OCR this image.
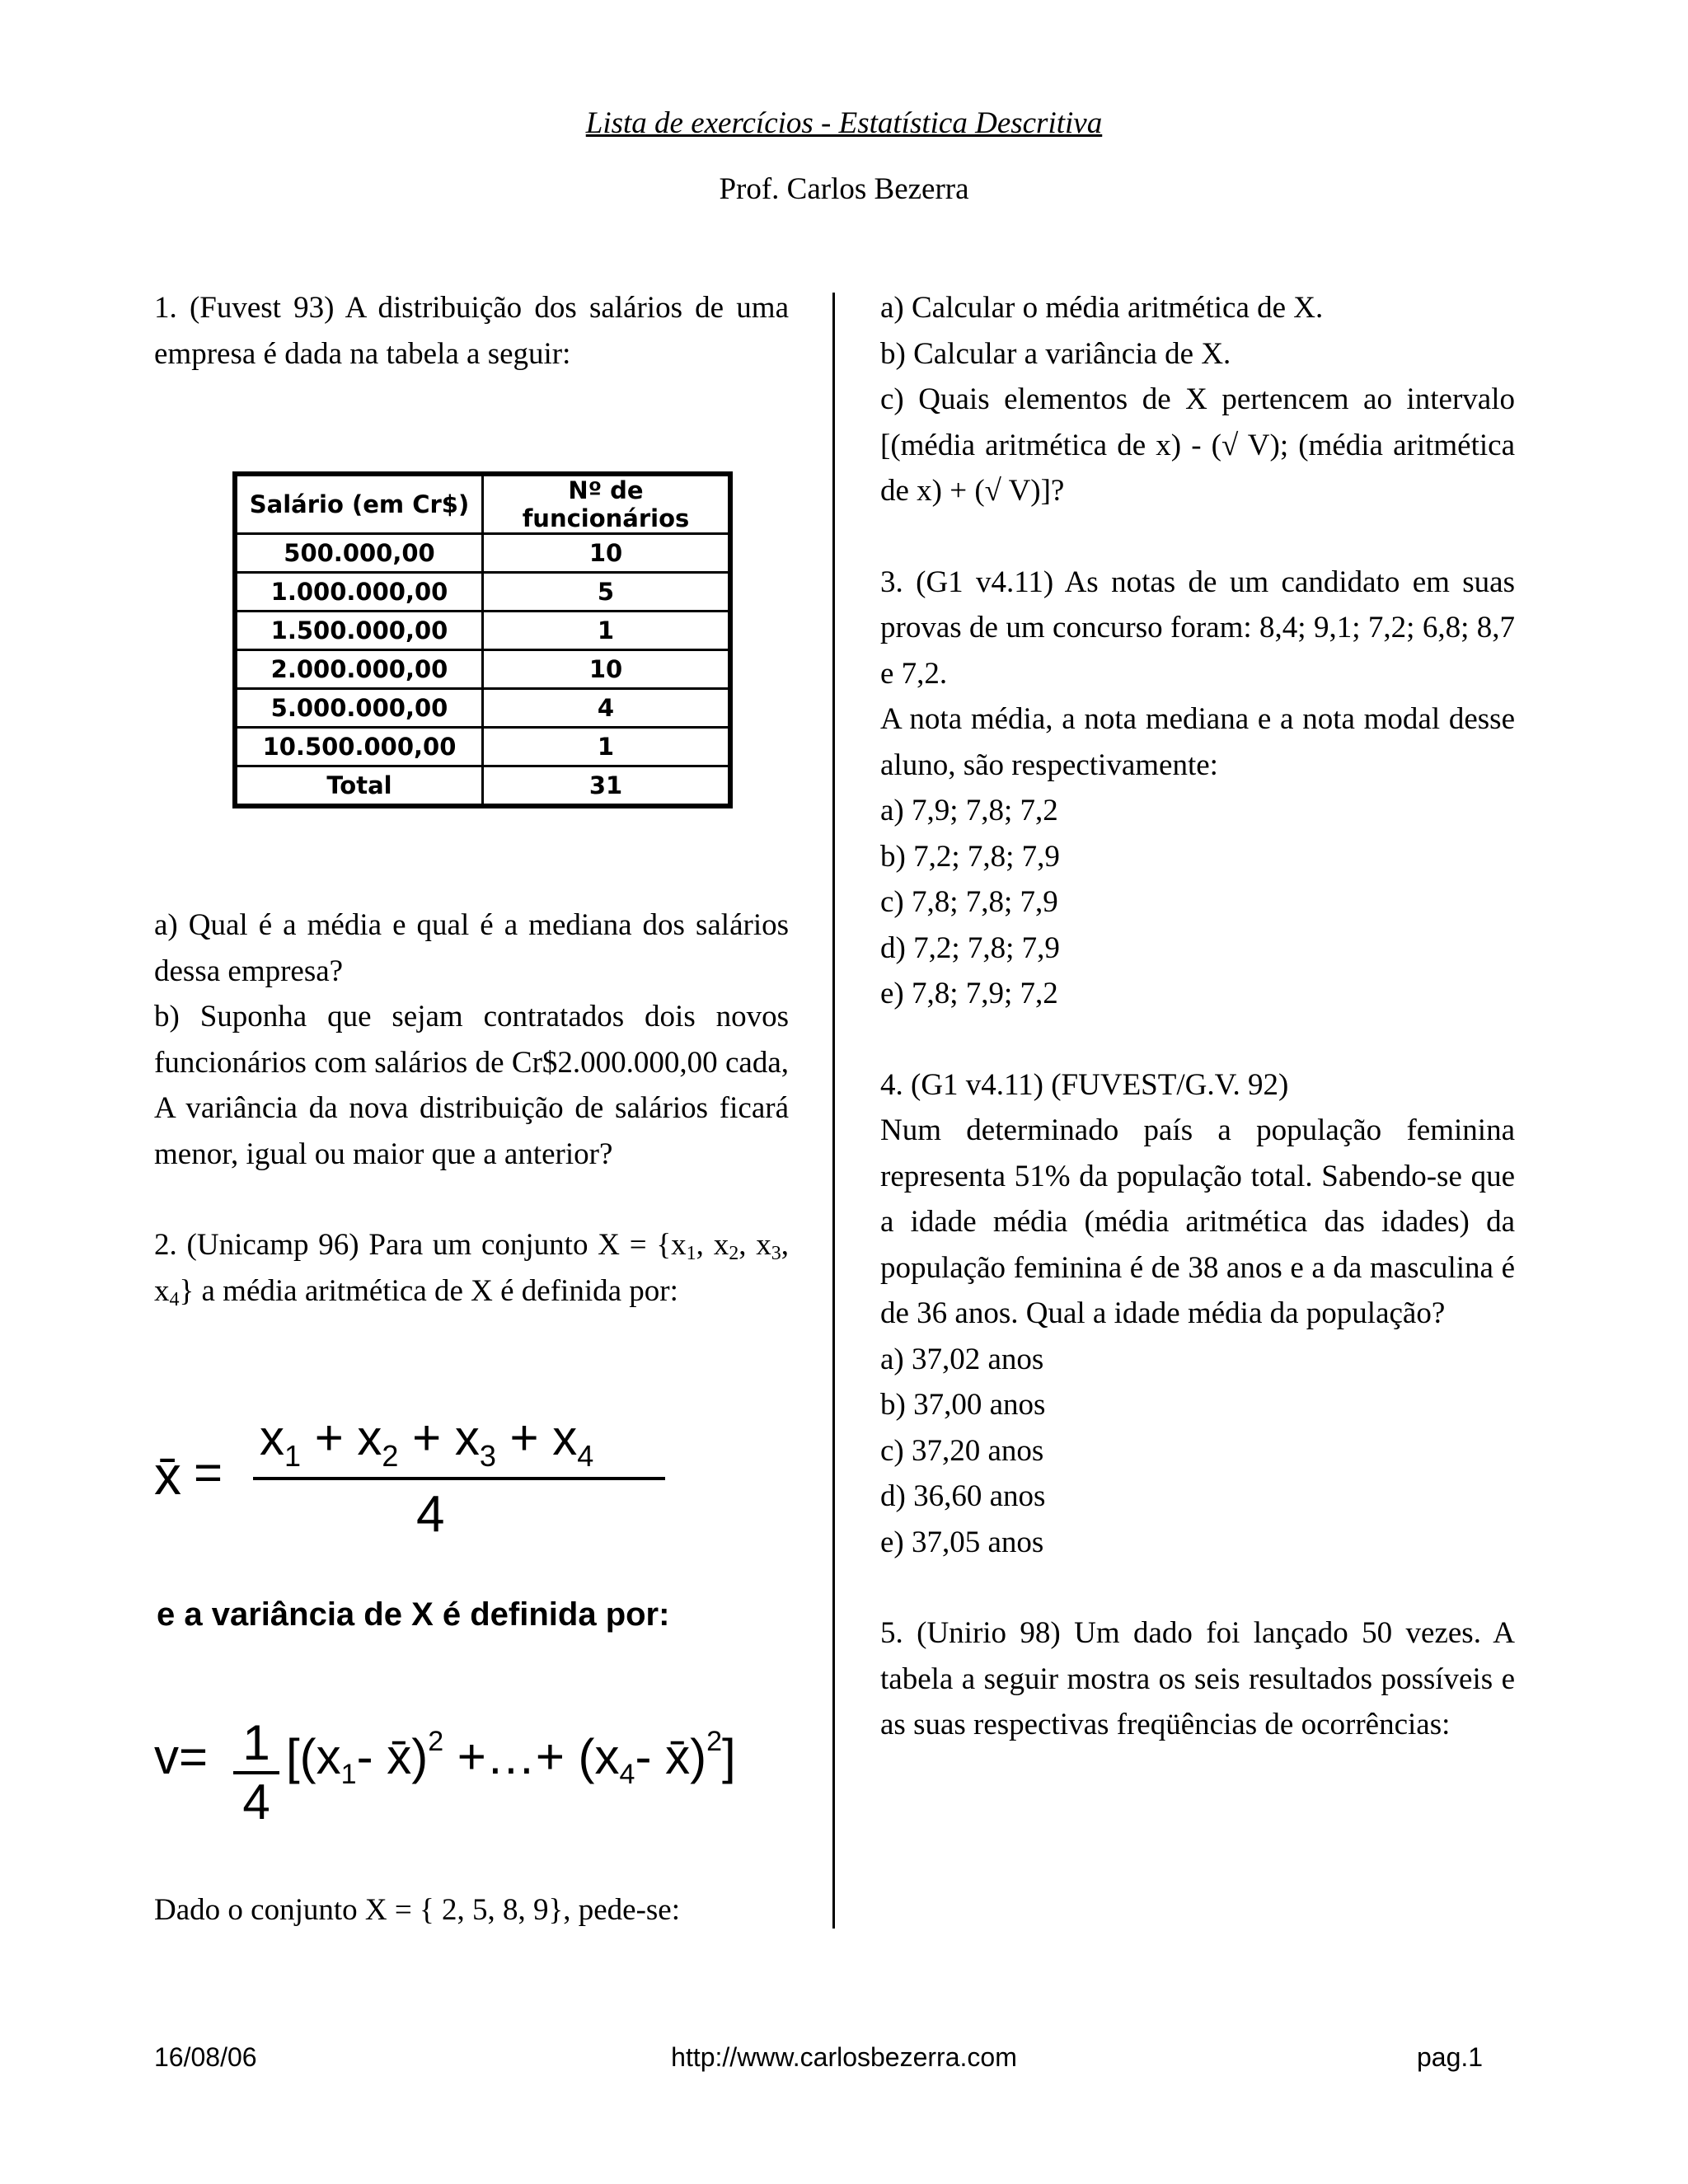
Lista de exercícios - Estatística Descritiva
Prof. Carlos Bezerra

1. (Fuvest 93) A distribuição dos salários de uma empresa é dada na tabela a seguir:

Salário (em Cr$)	Nº de funcionários
500.000,00	10
1.000.000,00	5
1.500.000,00	1
2.000.000,00	10
5.000.000,00	4
10.500.000,00	1
Total	31

a) Qual é a média e qual é a mediana dos salários dessa empresa?

b) Suponha que sejam contratados dois novos funcionários com salários de Cr$2.000.000,00 cada, A variância da nova distribuição de salários ficará menor, igual ou maior que a anterior?

2. (Unicamp 96) Para um conjunto $X = \{x_1$, $x_2$, $x_3$, $x_4$} a média aritmética de X é definida por:

x̄ =
$x_1 + x_2 + x_3 + x_4$
4
e a variância de X é definida por:
v= 1
4
[($x_1-$ x̄)$^2$ +…+ ($x_4-$ x̄)$^2$]

Dado o conjunto X = { 2, 5, 8, 9}, pede-se:

a) Calcular o média aritmética de X.

b) Calcular a variância de X.

c) Quais elementos de X pertencem ao intervalo [(média aritmética de x) - (√ V); (média aritmética de x) + (√ V)]?

3. (G1 v4.11) As notas de um candidato em suas provas de um concurso foram: 8,4; 9,1; 7,2; 6,8; 8,7 e 7,2.

A nota média, a nota mediana e a nota modal desse aluno, são respectivamente:

a) 7,9; 7,8; 7,2

b) 7,2; 7,8; 7,9

c) 7,8; 7,8; 7,9

d) 7,2; 7,8; 7,9

e) 7,8; 7,9; 7,2

4. (G1 v4.11) (FUVEST/G.V. 92)

Num determinado país a população feminina representa 51% da população total. Sabendo-se que a idade média (média aritmética das idades) da população feminina é de 38 anos e a da masculina é de 36 anos. Qual a idade média da população?

a) 37,02 anos

b) 37,00 anos

c) 37,20 anos

d) 36,60 anos

e) 37,05 anos

5. (Unirio 98) Um dado foi lançado 50 vezes. A tabela a seguir mostra os seis resultados possíveis e as suas respectivas freqüências de ocorrências:

16/08/06	http://www.carlosbezerra.com	pag.1
